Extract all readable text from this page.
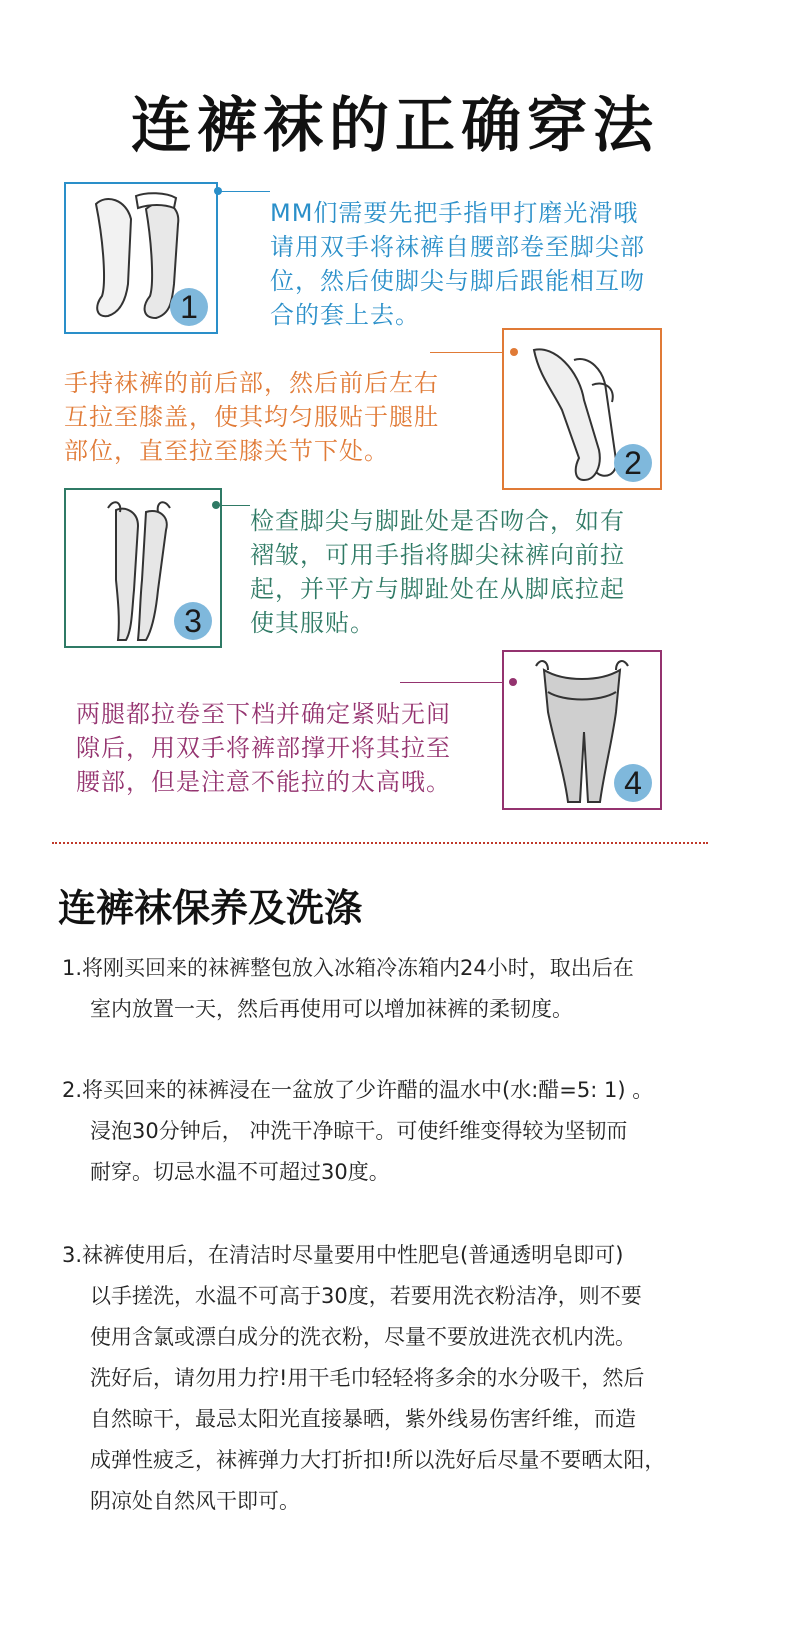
连裤袜的正确穿法
1
MM们需要先把手指甲打磨光滑哦
请用双手将袜裤自腰部卷至脚尖部
位，然后使脚尖与脚后跟能相互吻
合的套上去。
2
手持袜裤的前后部，然后前后左右
互拉至膝盖，使其均匀服贴于腿肚
部位，直至拉至膝关节下处。
3
检查脚尖与脚趾处是否吻合，如有
褶皱，可用手指将脚尖袜裤向前拉
起，并平方与脚趾处在从脚底拉起
使其服贴。
4
两腿都拉卷至下档并确定紧贴无间
隙后，用双手将裤部撑开将其拉至
腰部，但是注意不能拉的太高哦。
连裤袜保养及洗涤
1.将刚买回来的袜裤整包放入冰箱冷冻箱内24小时，取出后在
室内放置一天，然后再使用可以增加袜裤的柔韧度。
2.将买回来的袜裤浸在一盆放了少许醋的温水中(水:醋=5: 1) 。
浸泡30分钟后， 冲洗干净晾干。可使纤维变得较为坚韧而
耐穿。切忌水温不可超过30度。
3.袜裤使用后，在清洁时尽量要用中性肥皂(普通透明皂即可)
以手搓洗，水温不可高于30度，若要用洗衣粉洁净，则不要
使用含氯或漂白成分的洗衣粉，尽量不要放进洗衣机内洗。
洗好后，请勿用力拧!用干毛巾轻轻将多余的水分吸干，然后
自然晾干，最忌太阳光直接暴晒，紫外线易伤害纤维，而造
成弹性疲乏，袜裤弹力大打折扣!所以洗好后尽量不要晒太阳，
阴凉处自然风干即可。
